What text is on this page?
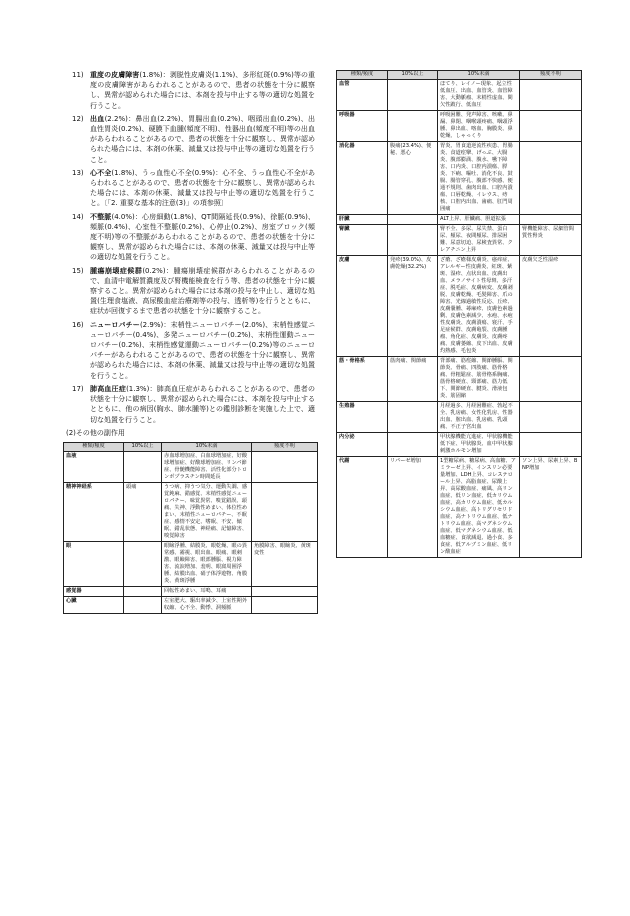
11) 重度の皮膚障害(1.8%)：剥脱性皮膚炎(1.1%)、多形紅斑(0.9%)等の重度の皮膚障害があらわれることがあるので、患者の状態を十分に観察し、異常が認められた場合には、本剤を投与中止する等の適切な処置を行うこと。
12) 出血(2.2%)：鼻出血(2.2%)、胃腸出血(0.2%)、咽頭出血(0.2%)、出血性胃炎(0.2%)、硬膜下血腫(頻度不明)、性器出血(頻度不明)等の出血があらわれることがあるので、患者の状態を十分に観察し、異常が認められた場合には、本剤の休薬、減量又は投与中止等の適切な処置を行うこと。
13) 心不全(1.8%)、うっ血性心不全(0.9%)：心不全、うっ血性心不全があらわれることがあるので、患者の状態を十分に観察し、異常が認められた場合には、本剤の休薬、減量又は投与中止等の適切な処置を行うこと。〔「2. 重要な基本的注意(3)」の項参照〕
14) 不整脈(4.0%)：心房細動(1.8%)、QT間隔延長(0.9%)、徐脈(0.9%)、頻脈(0.4%)、心室性不整脈(0.2%)、心停止(0.2%)、房室ブロック(頻度不明)等の不整脈があらわれることがあるので、患者の状態を十分に観察し、異常が認められた場合には、本剤の休薬、減量又は投与中止等の適切な処置を行うこと。
15) 腫瘍崩壊症候群(0.2%)：腫瘍崩壊症候群があらわれることがあるので、血清中電解質濃度及び腎機能検査を行う等、患者の状態を十分に観察すること。異常が認められた場合には本剤の投与を中止し、適切な処置(生理食塩液、高尿酸血症治療剤等の投与、透析等)を行うとともに、症状が回復するまで患者の状態を十分に観察すること。
16) ニューロパチー(2.9%)：末梢性ニューロパチー(2.0%)、末梢性感覚ニューロパチー(0.4%)、多発ニューロパチー(0.2%)、末梢性運動ニューロパチー(0.2%)、末梢性感覚運動ニューロパチー(0.2%)等のニューロパチーがあらわれることがあるので、患者の状態を十分に観察し、異常が認められた場合には、本剤の休薬、減量又は投与中止等の適切な処置を行うこと。
17) 肺高血圧症(1.3%)：肺高血圧症があらわれることがあるので、患者の状態を十分に観察し、異常が認められた場合には、本剤を投与中止するとともに、他の病因(胸水、肺水腫等)との鑑別診断を実施した上で、適切な処置を行うこと。
(2)その他の副作用
種類/頻度	10%以上	10%未満	頻度不明
血液		赤血球増加症、白血球増加症、好酸球増加症、好酸球増加症、リンパ節症、骨髄機能障害、活性化部分トロンボプラスチン時間延長	
精神神経系	頭痛	うつ病、抑うつ気分、運動失調、感覚鈍麻、錯感覚、末梢性感覚ニューロパチー、味覚異常、嗅覚錯誤、頭痛、失神、浮動性めまい、体位性めまい、末梢性ニューロパチー、不眠症、感情不安定、嗜眠、不安、傾眠、錯乱状態、神経痛、記憶障害、嗅覚障害	
眼		眼瞼浮腫、結膜炎、眼乾燥、眼の異常感、霧視、眼出血、眼痛、眼刺激、眼瞼障害、眼部腫脹、視力障害、流涙増加、羞明、眼窩周囲浮腫、結膜出血、硝子体浮遊物、角膜炎、黄斑浮腫	角膜障害、眼瞼炎、黄斑変性
感覚器		回転性めまい、耳鳴、耳痛	
心臓		左室肥大、駆出率減少、上室性期外収縮、心不全、動悸、洞頻脈	
種類/頻度	10%以上	10%未満	頻度不明
血管		ほてり、レイノー現象、起立性低血圧、出血、血管炎、血管障害、大動脈瘤、末梢性虚血、間欠性跛行、低血圧	
呼吸器		呼吸困難、発声障害、咳嗽、鼻漏、鼻閉、咽喉頭疼痛、咽頭浮腫、鼻出血、喀血、胸膜炎、鼻乾燥、しゃっくり	
消化器	腹痛(23.4%)、便秘、悪心	胃炎、胃食道逆流性疾患、胃腸炎、食道痙攣、げっぷ、大腸炎、腹部膨満、腹水、嚥下障害、口内炎、口腔内潰瘍、膵炎、下痢、嘔吐、消化不良、鼓腸、腸管穿孔、腹部不快感、便通不規則、歯肉出血、口腔内潰瘍、口唇乾燥、イレウス、痔核、口腔内出血、歯痛、肛門周囲痛	
肝臓		ALT上昇、肝臓痛、胆道拡張	
腎臓		腎不全、多尿、尿失禁、蛋白尿、頻尿、夜間頻尿、排尿困難、尿意切迫、尿検査異常、クレアチニン上昇	腎機能障害、尿細管間質性腎炎
皮膚	発疹(39.0%)、皮膚乾燥(32.2%)	ざ瘡、ざ瘡様皮膚炎、瘙痒症、アレルギー性皮膚炎、紅斑、紫斑、湿疹、点状出血、皮膚出血、メラノサイト性母斑、多汗症、脱毛症、皮膚病変、皮膚剥脱、皮膚乾燥、毛髪障害、爪の障害、光線過敏性反応、丘疹、皮膚嚢腫、蕁麻疹、皮膚色素過剰、皮膚色素減少、水疱、水疱性皮膚炎、皮膚潰瘍、寝汗、手足症候群、皮膚亀裂、皮膚腫瘤、角化症、皮膚炎、皮膚疼痛、皮膚萎縮、皮下出血、皮膚灼熱感、毛包炎	皮膚欠乏性湿疹
筋・骨格系	筋肉痛、関節痛	背部痛、筋痙縮、関節腫脹、関節炎、骨痛、四肢痛、筋骨格痛、骨粗鬆症、筋骨格系胸痛、筋骨格硬直、頸部痛、筋力低下、関節硬直、腱炎、滑液包炎、筋固縮	
生殖器		月経過多、月経困難症、勃起不全、乳房痛、女性化乳房、性器出血、腟出血、乳房痛、乳頭痛、不正子宮出血	
内分泌		甲状腺機能亢進症、甲状腺機能低下症、甲状腺炎、血中甲状腺刺激ホルモン増加	
代謝	リパーゼ増加	1型糖尿病、糖尿病、高血糖、アミラーゼ上昇、インスリン必要量増加、LDH上昇、コレステロール上昇、高脂血症、尿酸上昇、高尿酸血症、痛風、高リン血症、低リン血症、低カリウム血症、高カリウム血症、低カルシウム血症、高トリグリセリド血症、高ナトリウム血症、低ナトリウム血症、高マグネシウム血症、低マグネシウム血症、低血糖症、食欲減退、過小食、多食症、低アルブミン血症、低リン酸血症	ソン上昇、尿素上昇、BNP増加
